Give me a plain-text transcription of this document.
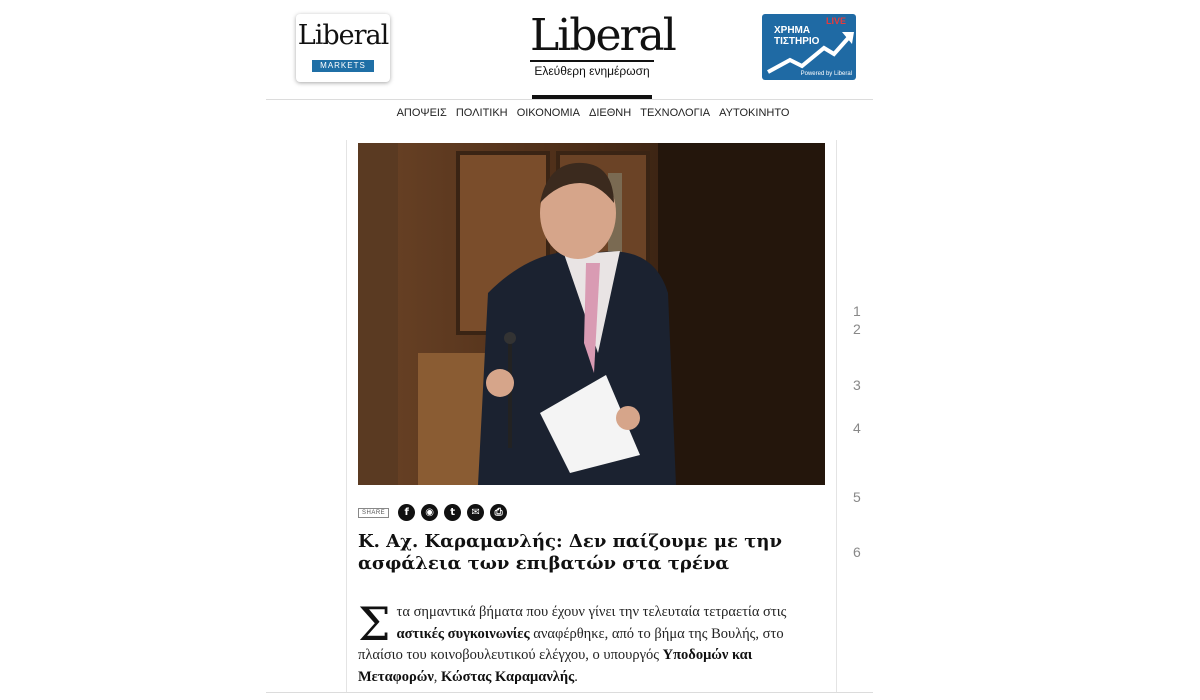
Liberal
MARKETS
Liberal
Ελεύθερη ενημέρωση
LIVE
ΧΡΗΜΑ
ΤΙΣΤΗΡΙΟ
Powered by Liberal
ΑΠΟΨΕΙΣ ΠΟΛΙΤΙΚΗ ΟΙΚΟΝΟΜΙΑ ΔΙΕΘΝΗ ΤΕΧΝΟΛΟΓΙΑ ΑΥΤΟΚΙΝΗΤΟ
SHARE	f	◉	t	✉	⎙
Κ. Αχ. Καραμανλής: Δεν παίζουμε με την ασφάλεια των επιβατών στα τρένα
Στα σημαντικά βήματα που έχουν γίνει την τελευταία τετραετία στις αστικές συγκοινωνίες αναφέρθηκε, από το βήμα της Βουλής, στο πλαίσιο του κοινοβουλευτικού ελέγχου, ο υπουργός Υποδομών και Μεταφορών, Κώστας Καραμανλής.
1
2
3
4
5
6
